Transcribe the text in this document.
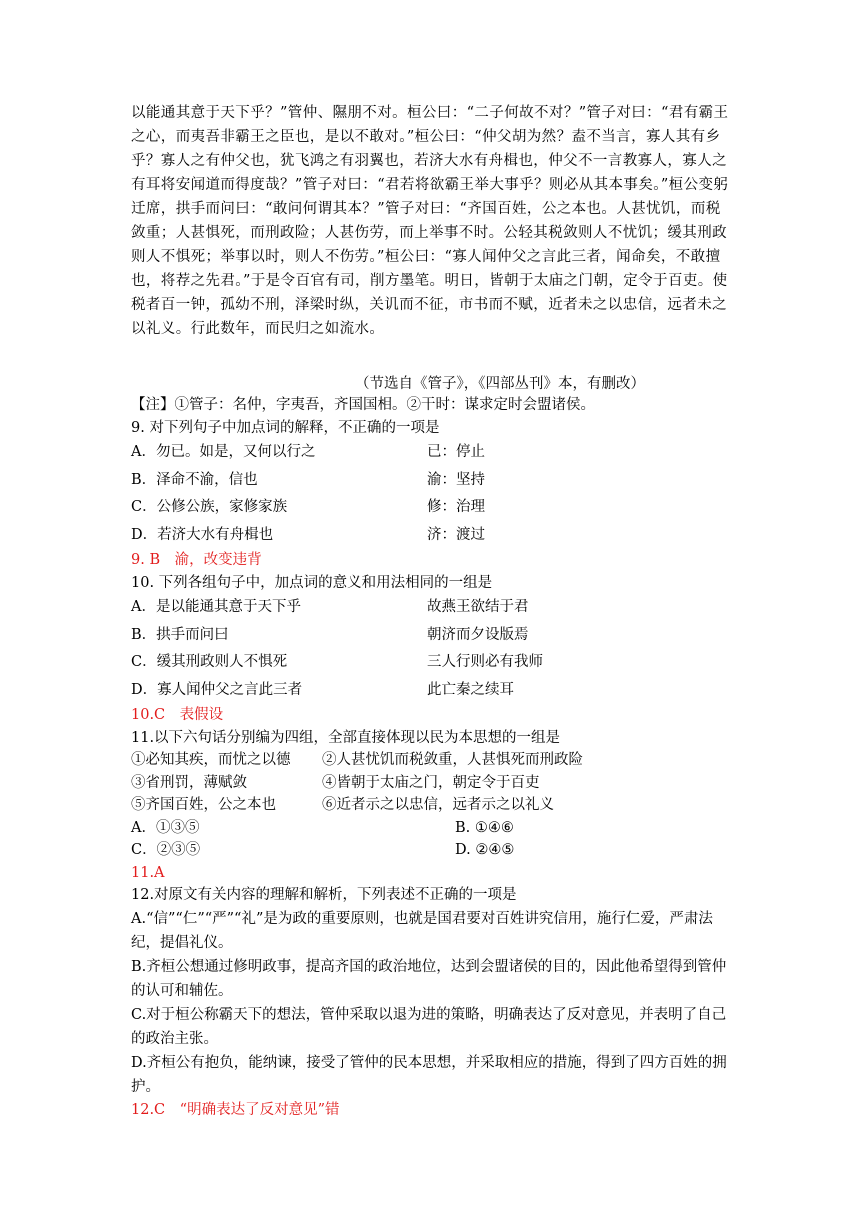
以能通其意于天下乎？”管仲、隰朋不对。桓公曰：“二子何故不对？”管子对曰：“君有霸王之心，而夷吾非霸王之臣也，是以不敢对。”桓公曰：“仲父胡为然？盍不当言，寡人其有乡乎？寡人之有仲父也，犹飞鸿之有羽翼也，若济大水有舟楫也，仲父不一言教寡人，寡人之有耳将安闻道而得度哉？”管子对曰：“君若将欲霸王举大事乎？则必从其本事矣。”桓公变躬迁席，拱手而问曰：“敢问何谓其本？”管子对曰：“齐国百姓，公之本也。人甚忧饥，而税敛重；人甚惧死，而刑政险；人甚伤劳，而上举事不时。公轻其税敛则人不忧饥；缓其刑政则人不惧死；举事以时，则人不伤劳。”桓公曰：“寡人闻仲父之言此三者，闻命矣，不敢擅也，将荐之先君。”于是令百官有司，削方墨笔。明日，皆朝于太庙之门朝，定令于百吏。使税者百一钟，孤幼不刑，泽梁时纵，关讥而不征，市书而不赋，近者未之以忠信，远者未之以礼义。行此数年，而民归之如流水。

（节选自《管子》，《四部丛刊》本，有删改）
【注】①管子：名仲，字夷吾，齐国国相。②干时：谋求定时会盟诸侯。
9. 对下列句子中加点词的解释，不正确的一项是
A．勿已。如是，又何以行之	已：停止
B．泽命不渝，信也	渝：坚持
C．公修公族，家修家族	修：治理
D．若济大水有舟楫也	济：渡过
9. B　渝，改变违背
10. 下列各组句子中，加点词的意义和用法相同的一组是
A．是以能通其意于天下乎	故燕王欲结于君
B．拱手而问曰	朝济而夕设版焉
C．缓其刑政则人不惧死	三人行则必有我师
D．寡人闻仲父之言此三者	此亡秦之续耳
10.C　表假设
11.以下六句话分别编为四组，全部直接体现以民为本思想的一组是
①必知其疾，而忧之以德 ②人甚忧饥而税敛重，人甚惧死而刑政险
③省刑罚，薄赋敛	④皆朝于太庙之门，朝定令于百吏
⑤齐国百姓，公之本也	⑥近者示之以忠信，远者示之以礼义
A．①③⑤	B. ①④⑥
C．②③⑤	D. ②④⑤
11.A
12.对原文有关内容的理解和解析，下列表述不正确的一项是
A.“信”“仁”“严”“礼”是为政的重要原则，也就是国君要对百姓讲究信用，施行仁爱，严肃法纪，提倡礼仪。
B.齐桓公想通过修明政事，提高齐国的政治地位，达到会盟诸侯的目的，因此他希望得到管仲的认可和辅佐。
C.对于桓公称霸天下的想法，管仲采取以退为进的策略，明确表达了反对意见，并表明了自己的政治主张。
D.齐桓公有抱负，能纳谏，接受了管仲的民本思想，并采取相应的措施，得到了四方百姓的拥护。
12.C　“明确表达了反对意见”错
